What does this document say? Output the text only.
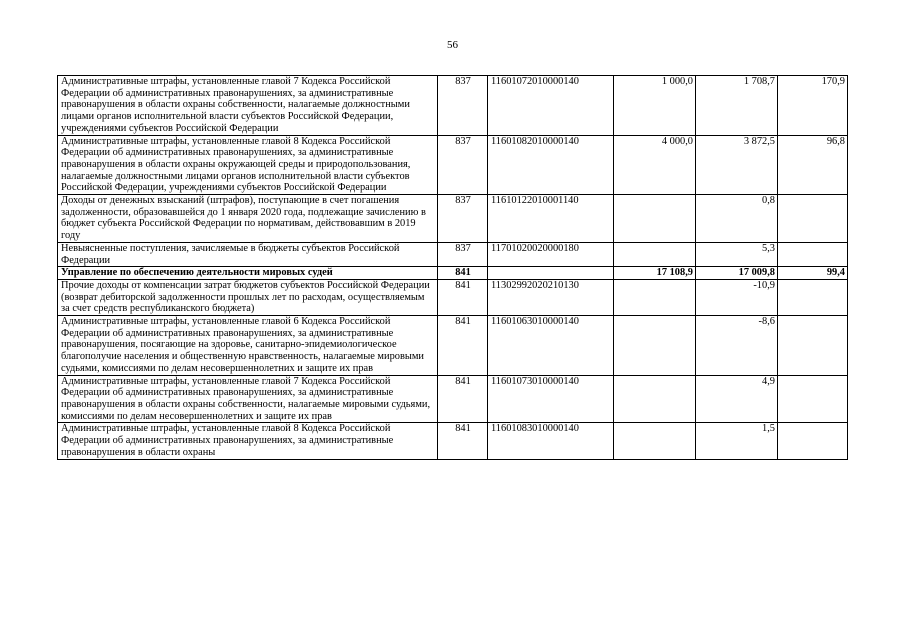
56
Административные штрафы, установленные главой 7 Кодекса Российской Федерации об административных правонарушениях, за административные правонарушения в области охраны собственности, налагаемые должностными лицами органов исполнительной власти субъектов Российской Федерации, учреждениями субъектов Российской Федерации	837	11601072010000140	1 000,0	1 708,7	170,9
Административные штрафы, установленные главой 8 Кодекса Российской Федерации об административных правонарушениях, за административные правонарушения в области охраны окружающей среды и природопользования, налагаемые должностными лицами органов исполнительной власти субъектов Российской Федерации, учреждениями субъектов Российской Федерации	837	11601082010000140	4 000,0	3 872,5	96,8
Доходы от денежных взысканий (штрафов), поступающие в счет погашения задолженности, образовавшейся до 1 января 2020 года, подлежащие зачислению в бюджет субъекта Российской Федерации по нормативам, действовавшим в 2019 году	837	11610122010001140		0,8	
Невыясненные поступления, зачисляемые в бюджеты субъектов Российской Федерации	837	11701020020000180		5,3	
Управление по обеспечению деятельности мировых судей	841		17 108,9	17 009,8	99,4
Прочие доходы от компенсации затрат бюджетов субъектов Российской Федерации (возврат дебиторской задолженности прошлых лет по расходам, осуществляемым за счет средств республиканского бюджета)	841	11302992020210130		-10,9	
Административные штрафы, установленные главой 6 Кодекса Российской Федерации об административных правонарушениях, за административные правонарушения, посягающие на здоровье, санитарно-эпидемиологическое благополучие населения и общественную нравственность, налагаемые мировыми судьями, комиссиями по делам несовершеннолетних и защите их прав	841	11601063010000140		-8,6	
Административные штрафы, установленные главой 7 Кодекса Российской Федерации об административных правонарушениях, за административные правонарушения в области охраны собственности, налагаемые мировыми судьями, комиссиями по делам несовершеннолетних и защите их прав	841	11601073010000140		4,9	
Административные штрафы, установленные главой 8 Кодекса Российской Федерации об административных правонарушениях, за административные правонарушения в области охраны	841	11601083010000140		1,5	
